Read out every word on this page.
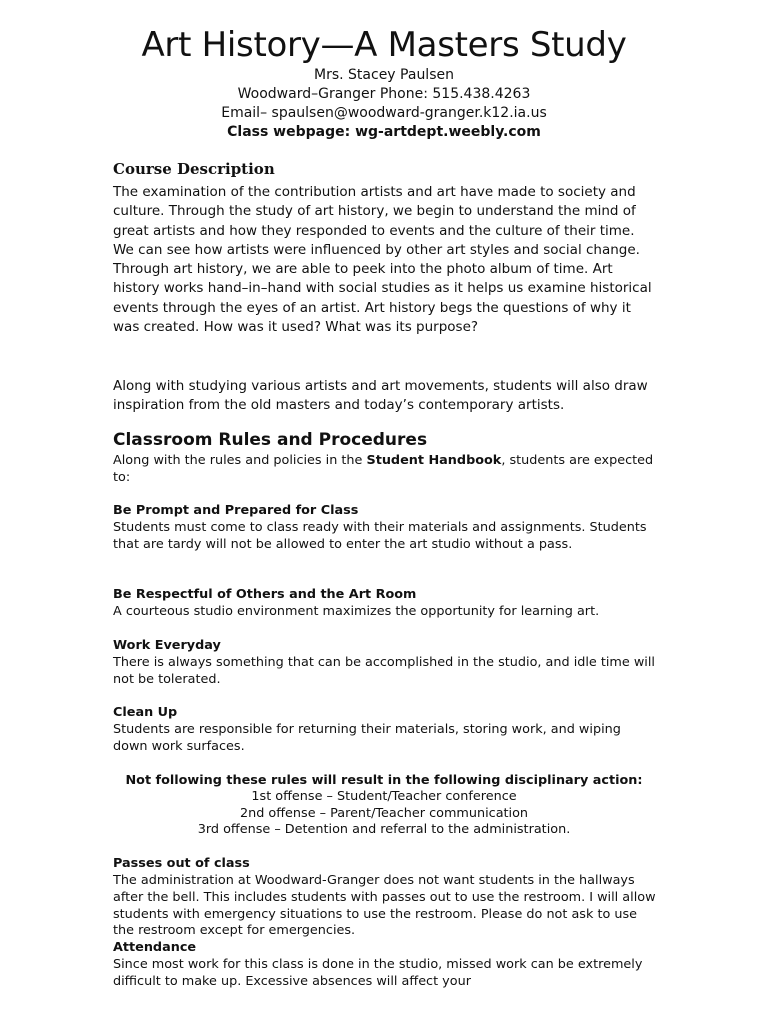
Art History—A Masters Study

Mrs. Stacey Paulsen

Woodward–Granger Phone: 515.438.4263

Email– spaulsen@woodward-granger.k12.ia.us

Class webpage: wg-artdept.weebly.com

Course Description

The examination of the contribution artists and art have made to society and culture. Through the study of art history, we begin to understand the mind of great artists and how they responded to events and the culture of their time. We can see how artists were influenced by other art styles and social change. Through art history, we are able to peek into the photo album of time. Art history works hand–in–hand with social studies as it helps us examine historical events through the eyes of an artist. Art history begs the questions of why it was created. How was it used? What was its purpose?

Along with studying various artists and art movements, students will also draw inspiration from the old masters and today’s contemporary artists.

Classroom Rules and Procedures

Along with the rules and policies in the Student Handbook, students are expected to:

Be Prompt and Prepared for Class

Students must come to class ready with their materials and assignments. Students that are tardy will not be allowed to enter the art studio without a pass.

Be Respectful of Others and the Art Room

A courteous studio environment maximizes the opportunity for learning art.

Work Everyday

There is always something that can be accomplished in the studio, and idle time will not be tolerated.

Clean Up

Students are responsible for returning their materials, storing work, and wiping down work surfaces.

Not following these rules will result in the following disciplinary action:
1st offense – Student/Teacher conference
2nd offense – Parent/Teacher communication
3rd offense – Detention and referral to the administration.

Passes out of class

The administration at Woodward-Granger does not want students in the hallways after the bell. This includes students with passes out to use the restroom. I will allow students with emergency situations to use the restroom. Please do not ask to use the restroom except for emergencies.

Attendance

Since most work for this class is done in the studio, missed work can be extremely difficult to make up. Excessive absences will affect your
